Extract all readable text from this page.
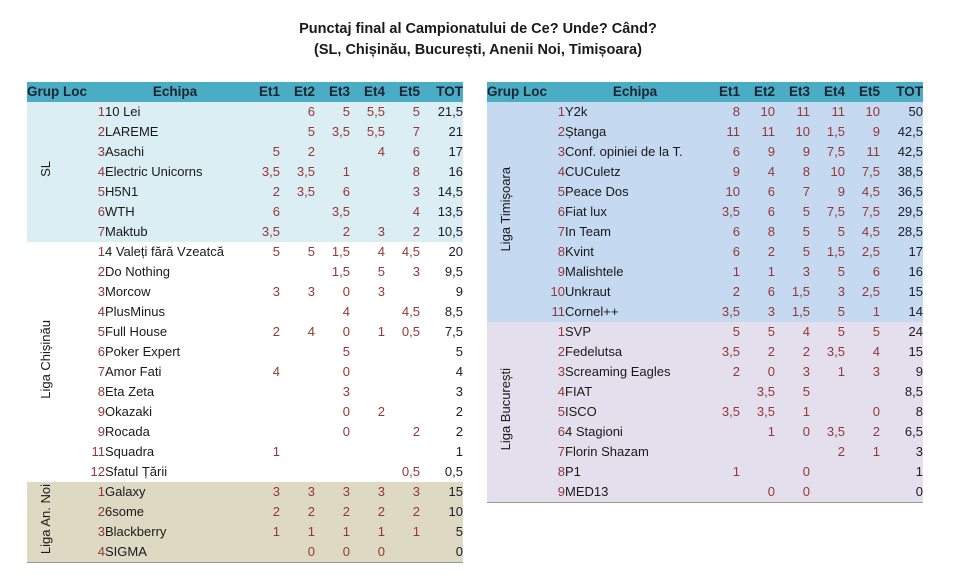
Punctaj final al Campionatului de Ce? Unde? Când?
(SL, Chișinău, București, Anenii Noi, Timișoara)
Grup	Loc	Echipa	Et1	Et2	Et3	Et4	Et5	TOT
SL	1	10 Lei		6	5	5,5	5	21,5
	2	LAREME		5	3,5	5,5	7	21
	3	Asachi	5	2		4	6	17
	4	Electric Unicorns	3,5	3,5	1		8	16
	5	H5N1	2	3,5	6		3	14,5
	6	WTH	6		3,5		4	13,5
	7	Maktub	3,5		2	3	2	10,5
Liga Chișinău	1	4 Valeți fără Vzeatcă	5	5	1,5	4	4,5	20
	2	Do Nothing			1,5	5	3	9,5
	3	Morcow	3	3	0	3		9
	4	PlusMinus			4		4,5	8,5
	5	Full House	2	4	0	1	0,5	7,5
	6	Poker Expert			5			5
	7	Amor Fati	4		0			4
	8	Eta Zeta			3			3
	9	Okazaki			0	2		2
	9	Rocada			0		2	2
	11	Squadra	1					1
	12	Sfatul Țării					0,5	0,5
Liga An. Noi	1	Galaxy	3	3	3	3	3	15
	2	6some	2	2	2	2	2	10
	3	Blackberry	1	1	1	1	1	5
	4	SIGMA		0	0	0		0
Grup	Loc	Echipa	Et1	Et2	Et3	Et4	Et5	TOT
Liga Timișoara	1	Y2k	8	10	11	11	10	50
	2	Ștanga	11	11	10	1,5	9	42,5
	3	Conf. opiniei de la T.	6	9	9	7,5	11	42,5
	4	CUCuletz	9	4	8	10	7,5	38,5
	5	Peace Dos	10	6	7	9	4,5	36,5
	6	Fiat lux	3,5	6	5	7,5	7,5	29,5
	7	In Team	6	8	5	5	4,5	28,5
	8	Kvint	6	2	5	1,5	2,5	17
	9	Malishtele	1	1	3	5	6	16
	10	Unkraut	2	6	1,5	3	2,5	15
	11	Cornel++	3,5	3	1,5	5	1	14
Liga București	1	SVP	5	5	4	5	5	24
	2	Fedelutsa	3,5	2	2	3,5	4	15
	3	Screaming Eagles	2	0	3	1	3	9
	4	FIAT		3,5	5			8,5
	5	ISCO	3,5	3,5	1		0	8
	6	4 Stagioni		1	0	3,5	2	6,5
	7	Florin Shazam				2	1	3
	8	P1	1		0			1
	9	MED13		0	0			0
